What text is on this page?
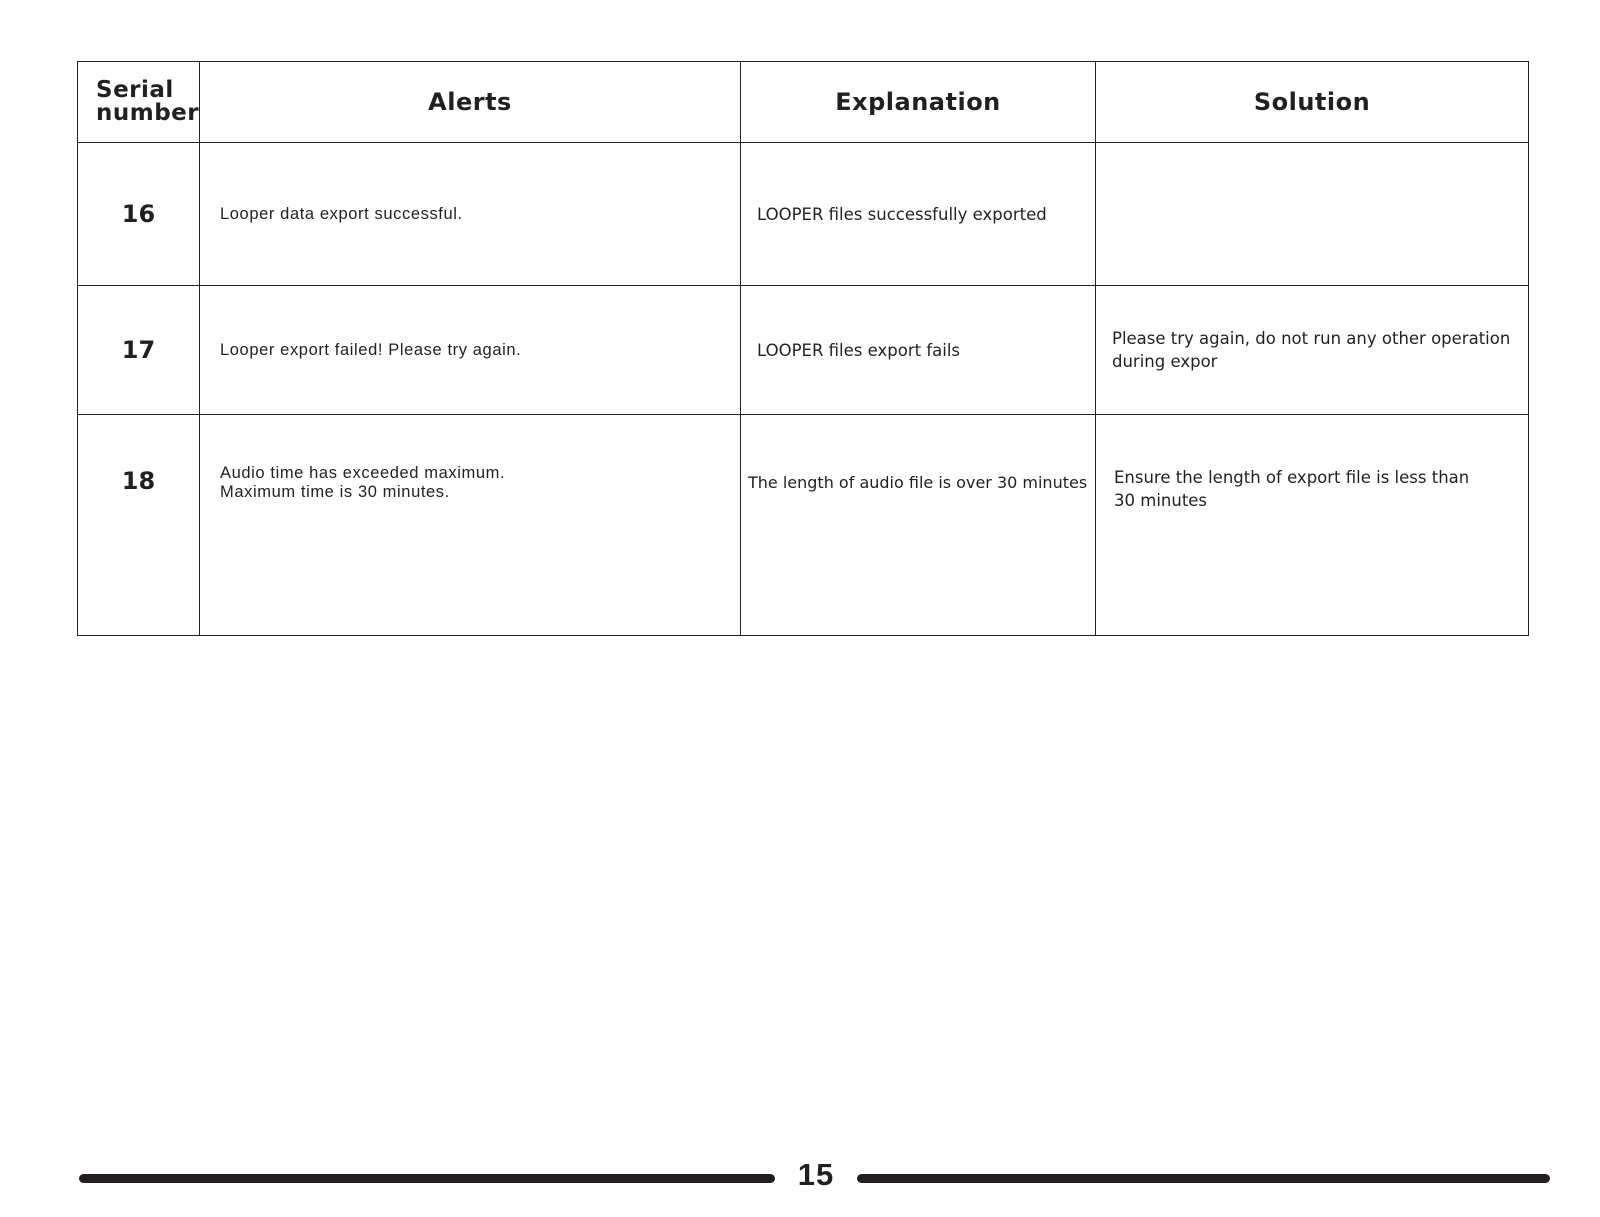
Serial
number	Alerts	Explanation	Solution
16	Looper data export successful.	LOOPER files successfully exported	
17	Looper export failed! Please try again.	LOOPER files export fails	Please try again, do not run any other operation
during expor

18	Audio time has exceeded maximum.
Maximum time is 30 minutes.	The length of audio file is over 30 minutes	Ensure the length of export file is less than
30 minutes
15
